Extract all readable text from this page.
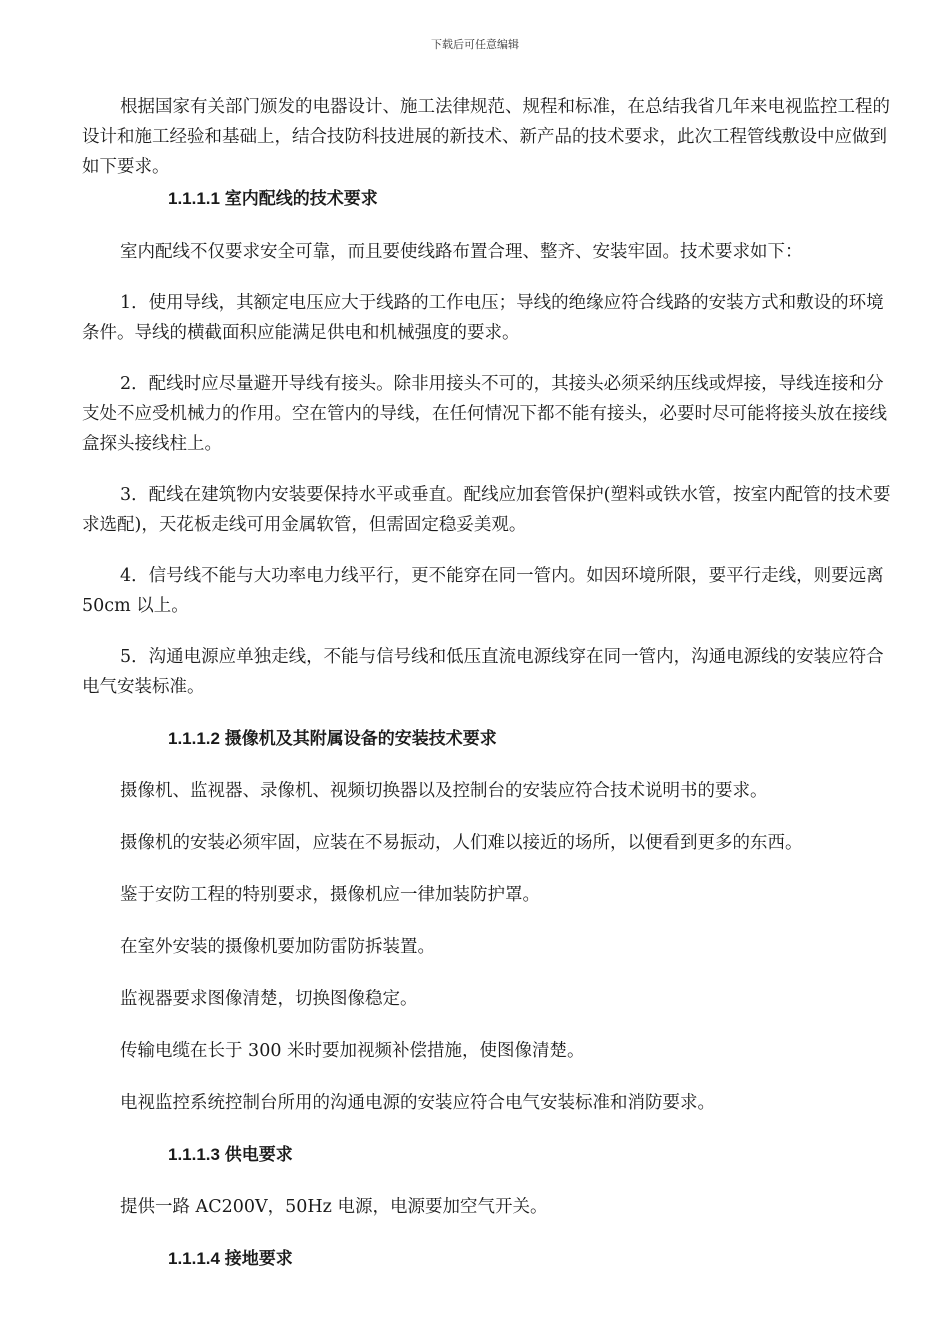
下载后可任意编辑

根据国家有关部门颁发的电器设计、施工法律规范、规程和标准，在总结我省几年来电视监控工程的设计和施工经验和基础上，结合技防科技进展的新技术、新产品的技术要求，此次工程管线敷设中应做到如下要求。

1.1.1.1 室内配线的技术要求

室内配线不仅要求安全可靠，而且要使线路布置合理、整齐、安装牢固。技术要求如下：

1．使用导线，其额定电压应大于线路的工作电压；导线的绝缘应符合线路的安装方式和敷设的环境条件。导线的横截面积应能满足供电和机械强度的要求。

2．配线时应尽量避开导线有接头。除非用接头不可的，其接头必须采纳压线或焊接，导线连接和分支处不应受机械力的作用。空在管内的导线，在任何情况下都不能有接头，必要时尽可能将接头放在接线盒探头接线柱上。

3．配线在建筑物内安装要保持水平或垂直。配线应加套管保护(塑料或铁水管，按室内配管的技术要求选配)，天花板走线可用金属软管，但需固定稳妥美观。

4．信号线不能与大功率电力线平行，更不能穿在同一管内。如因环境所限，要平行走线，则要远离 50cm 以上。

5．沟通电源应单独走线，不能与信号线和低压直流电源线穿在同一管内，沟通电源线的安装应符合电气安装标准。

1.1.1.2 摄像机及其附属设备的安装技术要求

摄像机、监视器、录像机、视频切换器以及控制台的安装应符合技术说明书的要求。

摄像机的安装必须牢固，应装在不易振动，人们难以接近的场所，以便看到更多的东西。

鉴于安防工程的特别要求，摄像机应一律加装防护罩。

在室外安装的摄像机要加防雷防拆装置。

监视器要求图像清楚，切换图像稳定。

传输电缆在长于 300 米时要加视频补偿措施，使图像清楚。

电视监控系统控制台所用的沟通电源的安装应符合电气安装标准和消防要求。

1.1.1.3 供电要求

提供一路 AC200V，50Hz 电源，电源要加空气开关。

1.1.1.4 接地要求
